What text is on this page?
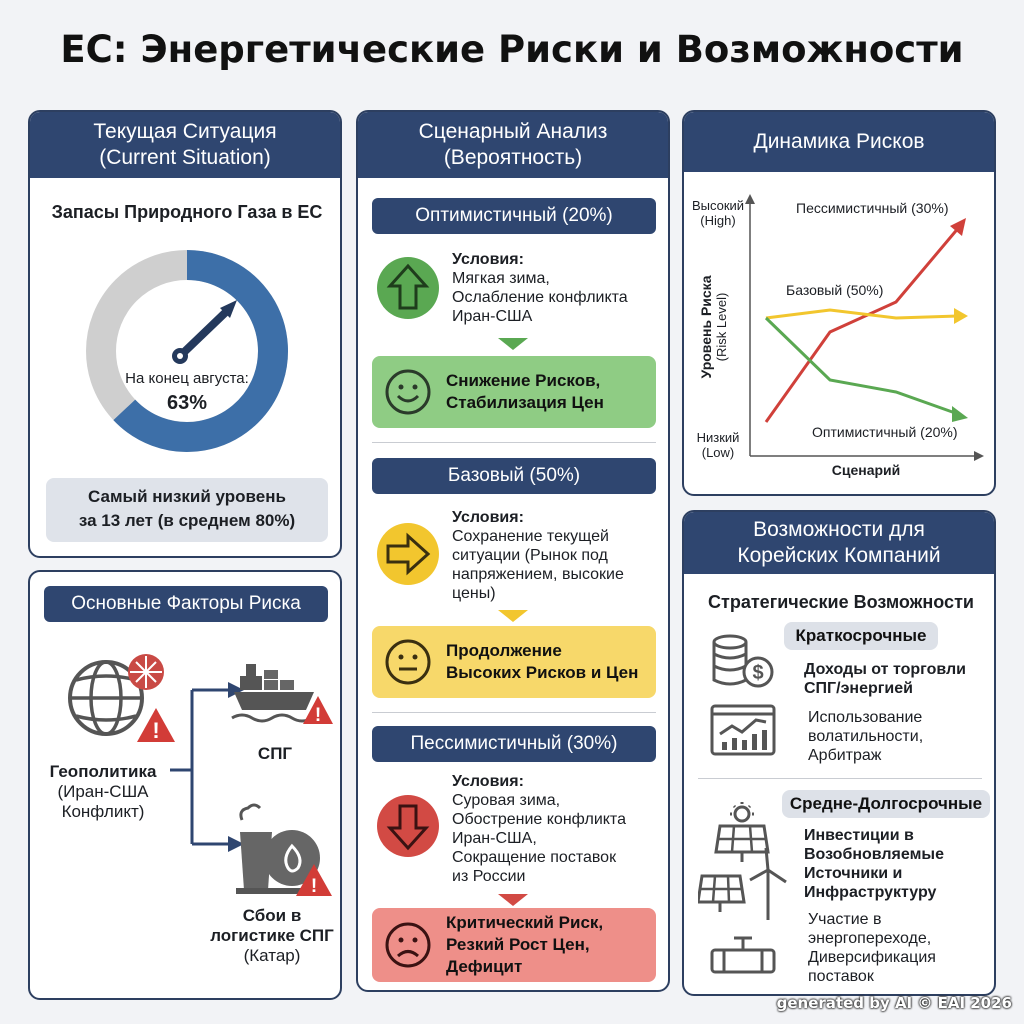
ЕС: Энергетические Риски и Возможности
Текущая Ситуация
(Current Situation)
Запасы Природного Газа в ЕС
На конец августа:
63%
Самый низкий уровень
за 13 лет (в среднем 80%)
Основные Факторы Риска
!
Геополитика
(Иран-США
Конфликт)
!
СПГ
!
Сбои в
логистике СПГ
(Катар)
Сценарный Анализ
(Вероятность)
Оптимистичный (20%)
Условия:
Мягкая зима,
Ослабление конфликта
Иран-США
Снижение Рисков,
Стабилизация Цен
Базовый (50%)
Условия:
Сохранение текущей
ситуации (Рынок под
напряжением, высокие
цены)
Продолжение
Высоких Рисков и Цен
Пессимистичный (30%)
Условия:
Суровая зима,
Обострение конфликта
Иран-США,
Сокращение поставок
из России
Критический Риск,
Резкий Рост Цен,
Дефицит
Динамика Рисков
Высокий
(High)
Низкий
(Low)
Уровень Риска (Risk Level)
Пессимистичный (30%)
Базовый (50%)
Оптимистичный (20%)
Сценарий
Возможности для
Корейских Компаний
Стратегические Возможности
Краткосрочные
$	Доходы от торговли
СПГ/энергией
Использование
волатильности,
Арбитраж
Средне-Долгосрочные
Инвестиции в
Возобновляемые
Источники и
Инфраструктуру
Участие в
энергопереходе,
Диверсификация
поставок
generated by AI © EAI 2026
